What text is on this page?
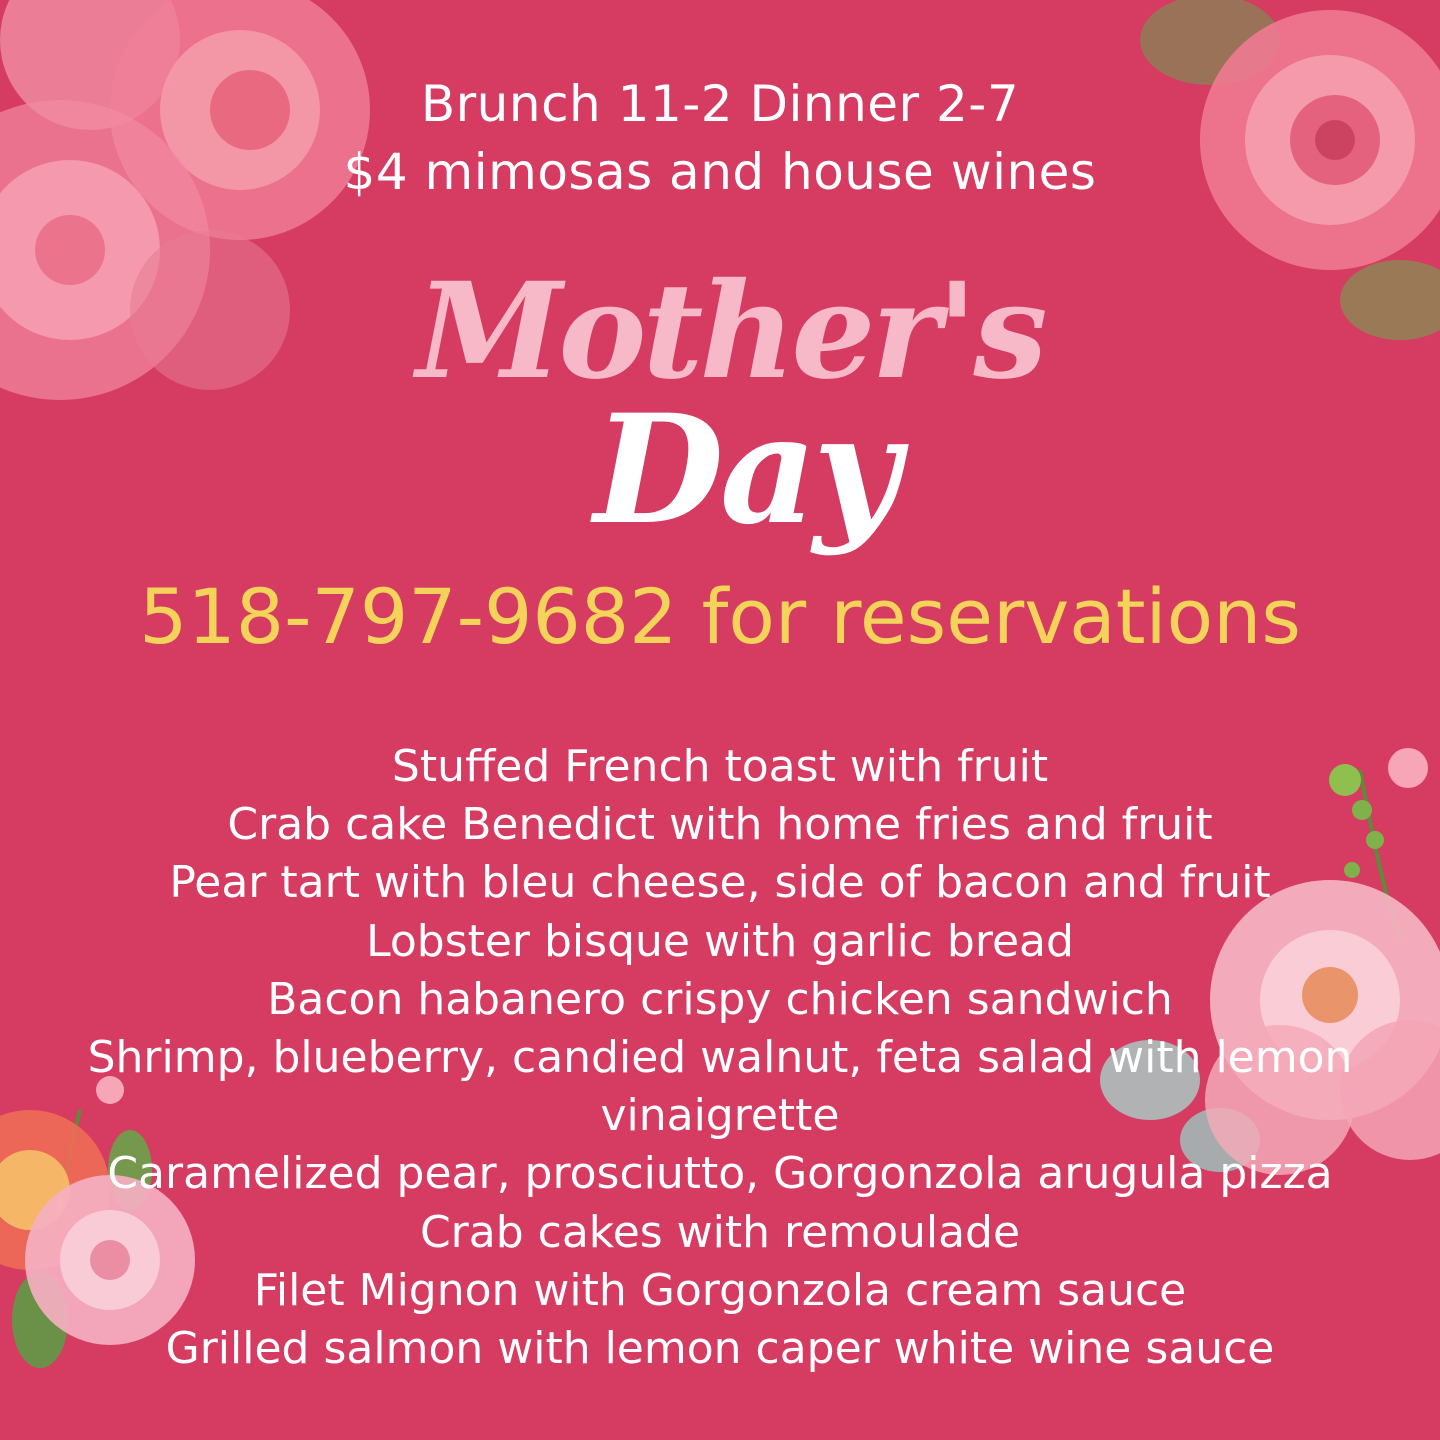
Brunch 11-2 Dinner 2-7
$4 mimosas and house wines
Mother's
Day
518-797-9682 for reservations
Stuffed French toast with fruit
Crab cake Benedict with home fries and fruit
Pear tart with bleu cheese, side of bacon and fruit
Lobster bisque with garlic bread
Bacon habanero crispy chicken sandwich
Shrimp, blueberry, candied walnut, feta salad with lemon vinaigrette
Caramelized pear, prosciutto, Gorgonzola arugula pizza
Crab cakes with remoulade
Filet Mignon with Gorgonzola cream sauce
Grilled salmon with lemon caper white wine sauce
